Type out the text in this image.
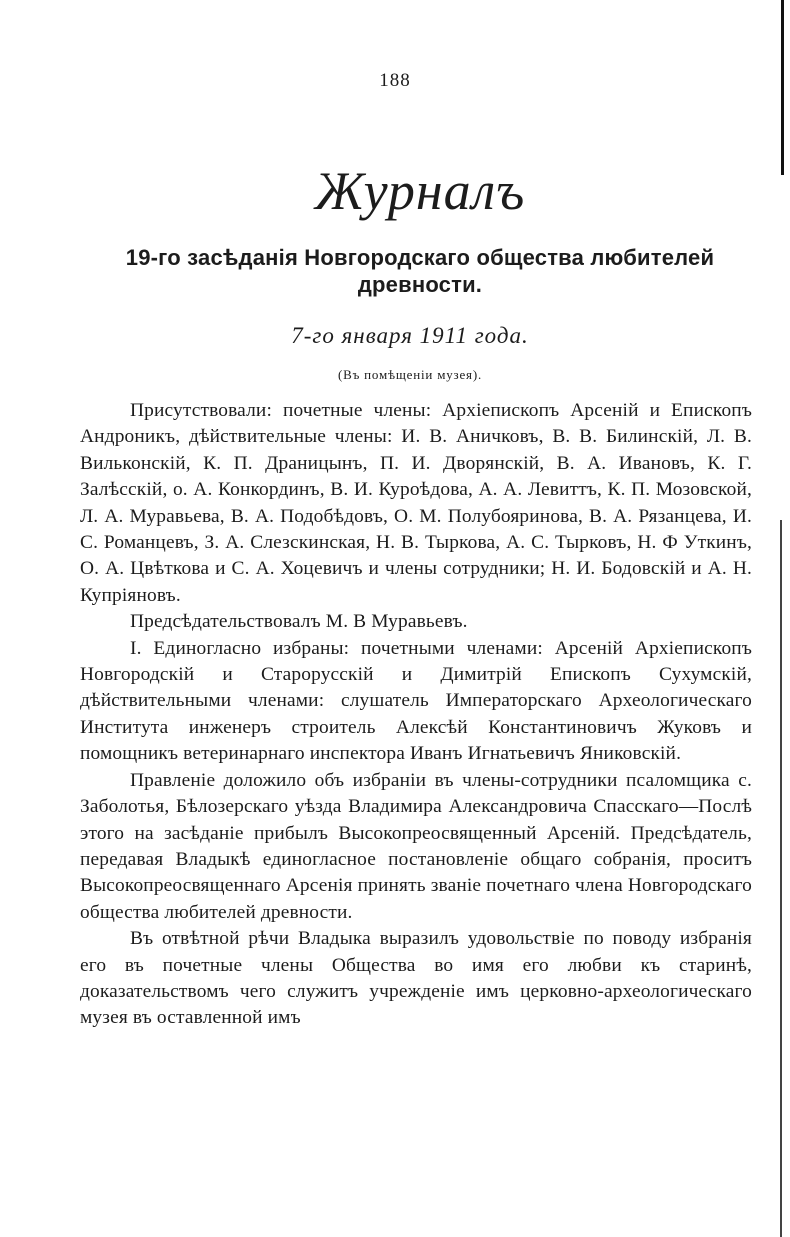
188
Журналъ
19-го засѣданія Новгородскаго общества любителей древности.
7-го января 1911 года.
(Въ помѣщеніи музея).

Присутствовали: почетные члены: Архіепископъ Арсеній и Епископъ Андроникъ, дѣйствительные члены: И. В. Аничковъ, В. В. Билинскій, Л. В. Вильконскій, К. П. Драницынъ, П. И. Дворянскій, В. А. Ивановъ, К. Г. Залѣсскій, о. А. Конкординъ, В. И. Куроѣдова, А. А. Левиттъ, К. П. Мозовской, Л. А. Муравьева, В. А. Подобѣдовъ, О. М. Полубояринова, В. А. Рязанцева, И. С. Романцевъ, З. А. Слезскинская, Н. В. Тыркова, А. С. Тырковъ, Н. Ф Уткинъ, О. А. Цвѣткова и С. А. Хоцевичъ и члены сотрудники; Н. И. Бодовскій и А. Н. Купріяновъ.

Предсѣдательствовалъ М. В Муравьевъ.

I. Единогласно избраны: почетными членами: Арсеній Архіепископъ Новгородскій и Старорусскій и Димитрій Епископъ Сухумскій, дѣйствительными членами: слушатель Императорскаго Археологическаго Института инженеръ строитель Алексѣй Константиновичъ Жуковъ и помощникъ ветеринарнаго инспектора Иванъ Игнатьевичъ Яниковскій.

Правленіе доложило объ избраніи въ члены-сотрудники псаломщика с. Заболотья, Бѣлозерскаго уѣзда Владимира Александровича Спасскаго—Послѣ этого на засѣданіе прибылъ Высокопреосвященный Арсеній. Предсѣдатель, передавая Владыкѣ единогласное постановленіе общаго собранія, проситъ Высокопреосвященнаго Арсенія принять званіе почетнаго члена Новгородскаго общества любителей древности.

Въ отвѣтной рѣчи Владыка выразилъ удовольствіе по поводу избранія его въ почетные члены Общества во имя его любви къ старинѣ, доказательствомъ чего служитъ учрежденіе имъ церковно-археологическаго музея въ оставленной имъ
